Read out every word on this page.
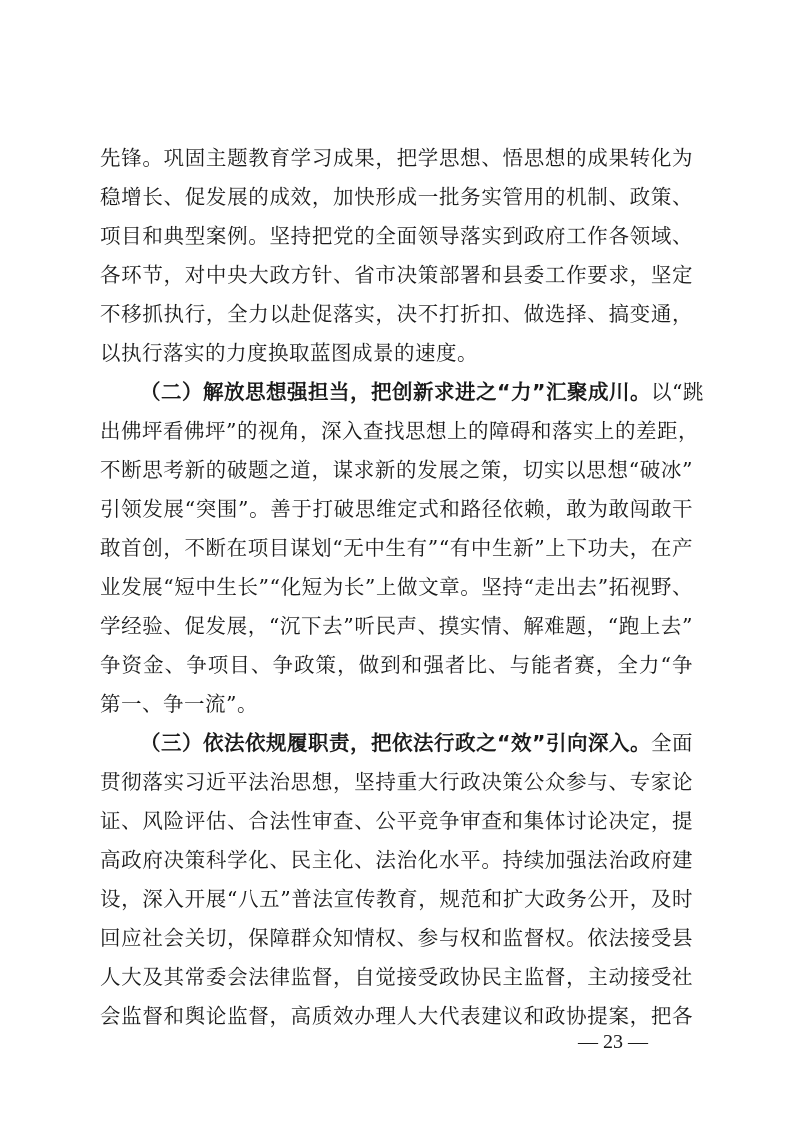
先锋。巩固主题教育学习成果，把学思想、悟思想的成果转化为
稳增长、促发展的成效，加快形成一批务实管用的机制、政策、
项目和典型案例。坚持把党的全面领导落实到政府工作各领域、
各环节，对中央大政方针、省市决策部署和县委工作要求，坚定
不移抓执行，全力以赴促落实，决不打折扣、做选择、搞变通，
以执行落实的力度换取蓝图成景的速度。
（二）解放思想强担当，把创新求进之“力”汇聚成川。以“跳
出佛坪看佛坪”的视角，深入查找思想上的障碍和落实上的差距，
不断思考新的破题之道，谋求新的发展之策，切实以思想“破冰”
引领发展“突围”。善于打破思维定式和路径依赖，敢为敢闯敢干
敢首创，不断在项目谋划“无中生有”“有中生新”上下功夫，在产
业发展“短中生长”“化短为长”上做文章。坚持“走出去”拓视野、
学经验、促发展，“沉下去”听民声、摸实情、解难题，“跑上去”
争资金、争项目、争政策，做到和强者比、与能者赛，全力“争
第一、争一流”。
（三）依法依规履职责，把依法行政之“效”引向深入。全面
贯彻落实习近平法治思想，坚持重大行政决策公众参与、专家论
证、风险评估、合法性审查、公平竞争审查和集体讨论决定，提
高政府决策科学化、民主化、法治化水平。持续加强法治政府建
设，深入开展“八五”普法宣传教育，规范和扩大政务公开，及时
回应社会关切，保障群众知情权、参与权和监督权。依法接受县
人大及其常委会法律监督，自觉接受政协民主监督，主动接受社
会监督和舆论监督，高质效办理人大代表建议和政协提案，把各
— 23 —
